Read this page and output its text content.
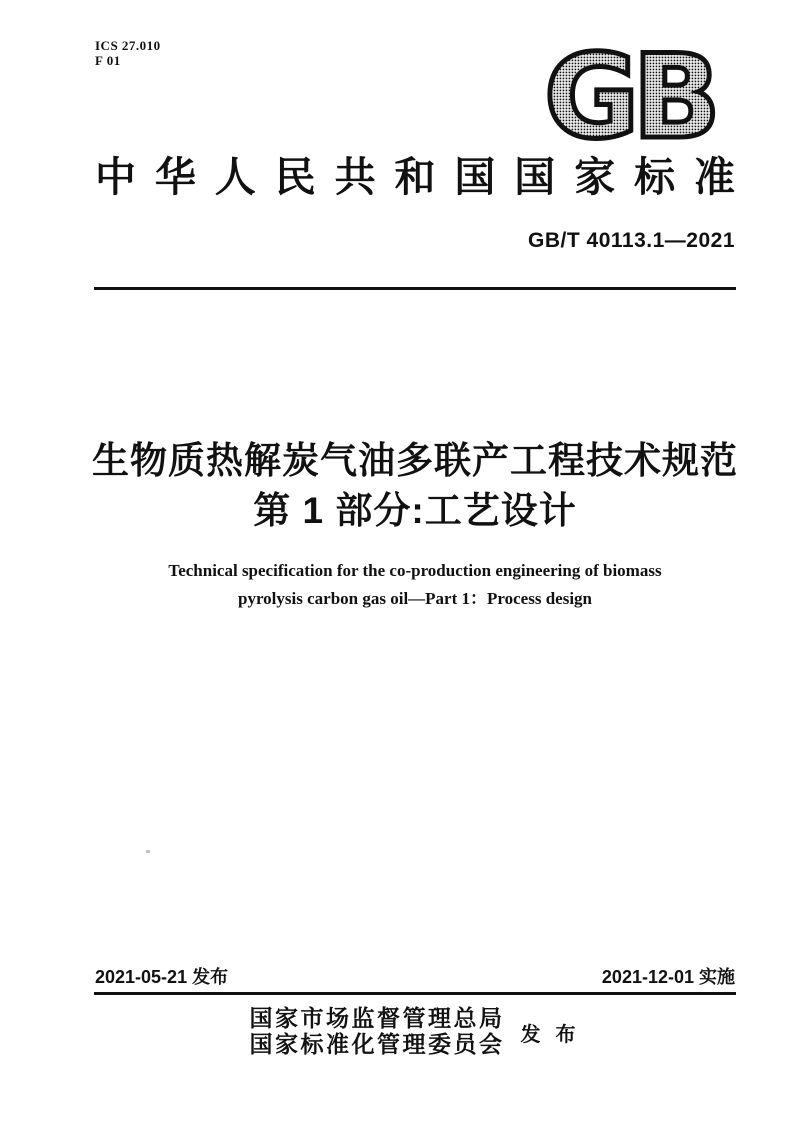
ICS 27.010
F 01	GB
中华人民共和国国家标准
GB/T 40113.1—2021
生物质热解炭气油多联产工程技术规范
第 1 部分:工艺设计
Technical specification for the co-production engineering of biomass
pyrolysis carbon gas oil—Part 1：Process design
2021-05-21 发布	2021-12-01 实施
国家市场监督管理总局
国家标准化管理委员会 发 布
